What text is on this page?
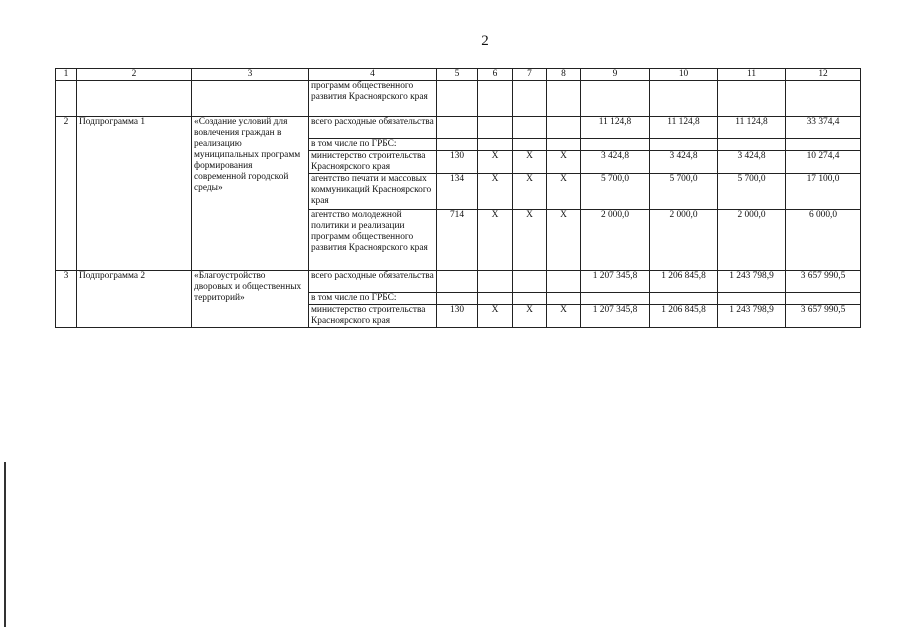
2
1	2	3	4	5	6	7	8	9	10	11	12
			программ общественного развития Красноярского края								
2	Подпрограмма 1	«Создание условий для вовлечения граждан в реализацию муниципальных программ формирования современной городской среды»	всего расходные обязательства					11 124,8	11 124,8	11 124,8	33 374,4
			в том числе по ГРБС:								
			министерство строительства Красноярского края	130	Х	Х	Х	3 424,8	3 424,8	3 424,8	10 274,4
			агентство печати и массовых коммуникаций Красноярского края	134	Х	Х	Х	5 700,0	5 700,0	5 700,0	17 100,0
			агентство молодежной политики и реализации программ общественного развития Красноярского края	714	Х	Х	Х	2 000,0	2 000,0	2 000,0	6 000,0
3	Подпрограмма 2	«Благоустройство дворовых и общественных территорий»	всего расходные обязательства					1 207 345,8	1 206 845,8	1 243 798,9	3 657 990,5
			в том числе по ГРБС:								
			министерство строительства Красноярского края	130	Х	Х	Х	1 207 345,8	1 206 845,8	1 243 798,9	3 657 990,5
